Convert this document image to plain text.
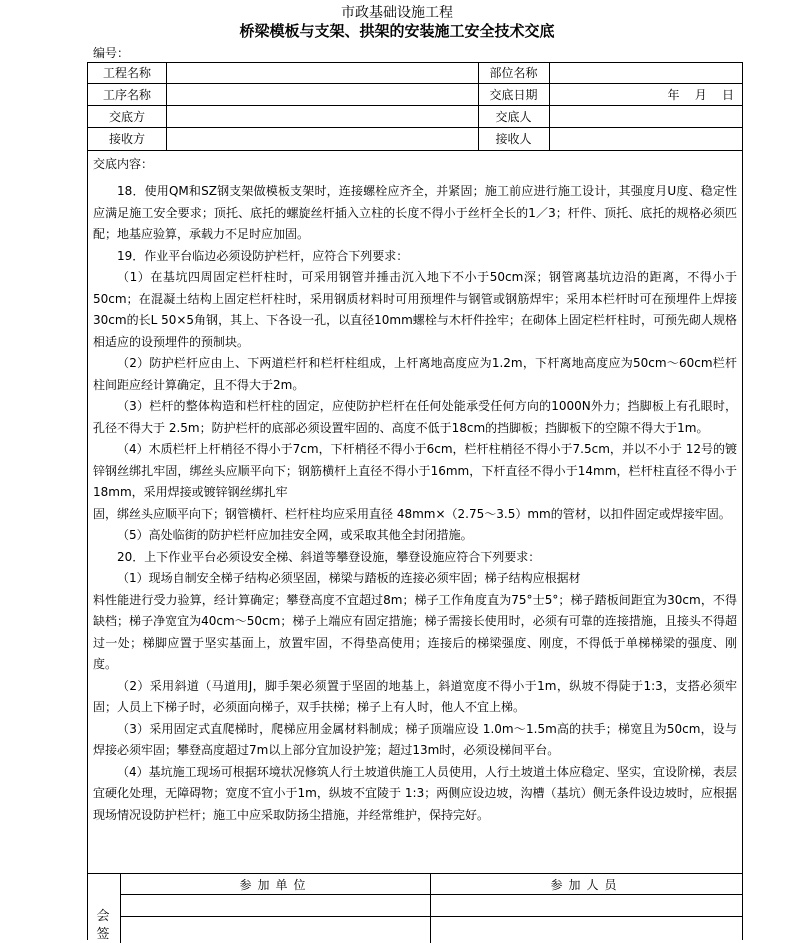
市政基础设施工程
桥梁模板与支架、拱架的安装施工安全技术交底
编号：
工程名称	部位名称
工序名称	交底日期	年    月    日
交底方	交底人
接收方	接收人
交底内容：

18．使用QM和SZ钢支架做模板支架时，连接螺栓应齐全，并紧固；施工前应进行施工设计，其强度月U度、稳定性应满足施工安全要求；顶托、底托的螺旋丝杆插入立柱的长度不得小于丝杆全长的1／3；杆件、顶托、底托的规格必须匹配；地基应验算，承载力不足时应加固。

19．作业平台临边必须设防护栏杆，应符合下列要求：

（1）在基坑四周固定栏杆柱时，可采用钢管并捶击沉入地下不小于50cm深；钢管离基坑边沿的距离，不得小于50cm；在混凝土结构上固定栏杆柱时，采用钢质材料时可用预埋件与钢管或钢筋焊牢；采用本栏杆时可在预埋件上焊接30cm的长L 50×5角钢，其上、下各设一孔，以直径10mm螺栓与木杆件拴牢；在砌体上固定栏杆柱时，可预先砌人规格相适应的设预埋件的预制块。

（2）防护栏杆应由上、下两道栏杆和栏杆柱组成，上杆离地高度应为1.2m，下杆离地高度应为50cm～60cm栏杆柱间距应经计算确定，且不得大于2m。

（3）栏杆的整体构造和栏杆柱的固定，应使防护栏杆在任何处能承受任何方向的1000N外力；挡脚板上有孔眼时，孔径不得大于 2.5m；防护栏杆的底部必须设置牢固的、高度不低于18cm的挡脚板；挡脚板下的空隙不得大于1m。

（4）木质栏杆上杆梢径不得小于7cm，下杆梢径不得小于6cm，栏杆柱梢径不得小于7.5cm，并以不小于 12号的镀锌钢丝绑扎牢固，绑丝头应顺平向下；钢筋横杆上直径不得小于16mm，下杆直径不得小于14mm，栏杆柱直径不得小于18mm，采用焊接或镀锌钢丝绑扎牢

固，绑丝头应顺平向下；钢管横杆、栏杆柱均应采用直径 48mm×（2.75～3.5）mm的管材，以扣件固定或焊接牢固。

（5）高处临街的防护栏杆应加挂安全网，或采取其他全封闭措施。

20．上下作业平台必须设安全梯、斜道等攀登设施，攀登设施应符合下列要求：

（1）现场自制安全梯子结构必须坚固，梯梁与踏板的连接必须牢固；梯子结构应根据材

料性能进行受力验算，经计算确定；攀登高度不宜超过8m；梯子工作角度直为75°士5°；梯子踏板间距宜为30cm，不得缺档；梯子净宽宜为40cm～50cm；梯子上端应有固定措施；梯子需接长使用时，必须有可靠的连接措施，且接头不得超过一处；梯脚应置于坚实基面上，放置牢固，不得垫高使用；连接后的梯梁强度、刚度，不得低于单梯梯梁的强度、刚度。

（2）采用斜道（马道用J，脚手架必须置于坚固的地基上，斜道宽度不得小于1m，纵坡不得陡于1:3，支搭必须牢固；人员上下梯子时，必须面向梯子，双手扶梯；梯子上有人时，他人不宜上梯。

（3）采用固定式直爬梯时，爬梯应用金属材料制成；梯子顶端应设 1.0m～1.5m高的扶手；梯宽且为50cm，设与焊接必须牢固；攀登高度超过7m以上部分宜加设护笼；超过13m时，必须设梯间平台。

（4）基坑施工现场可根据环境状况修筑人行土坡道供施工人员使用，人行土坡道土体应稳定、坚实，宜设阶梯，表层宜硬化处理，无障碍物；宽度不宜小于1m，纵坡不宜陵于 1:3；两侧应设边坡，沟槽（基坑）侧无条件设边坡时，应根据现场情况设防护栏杆；施工中应采取防扬尘措施，并经常维护，保持完好。

会
签
参加单位	参加人员
